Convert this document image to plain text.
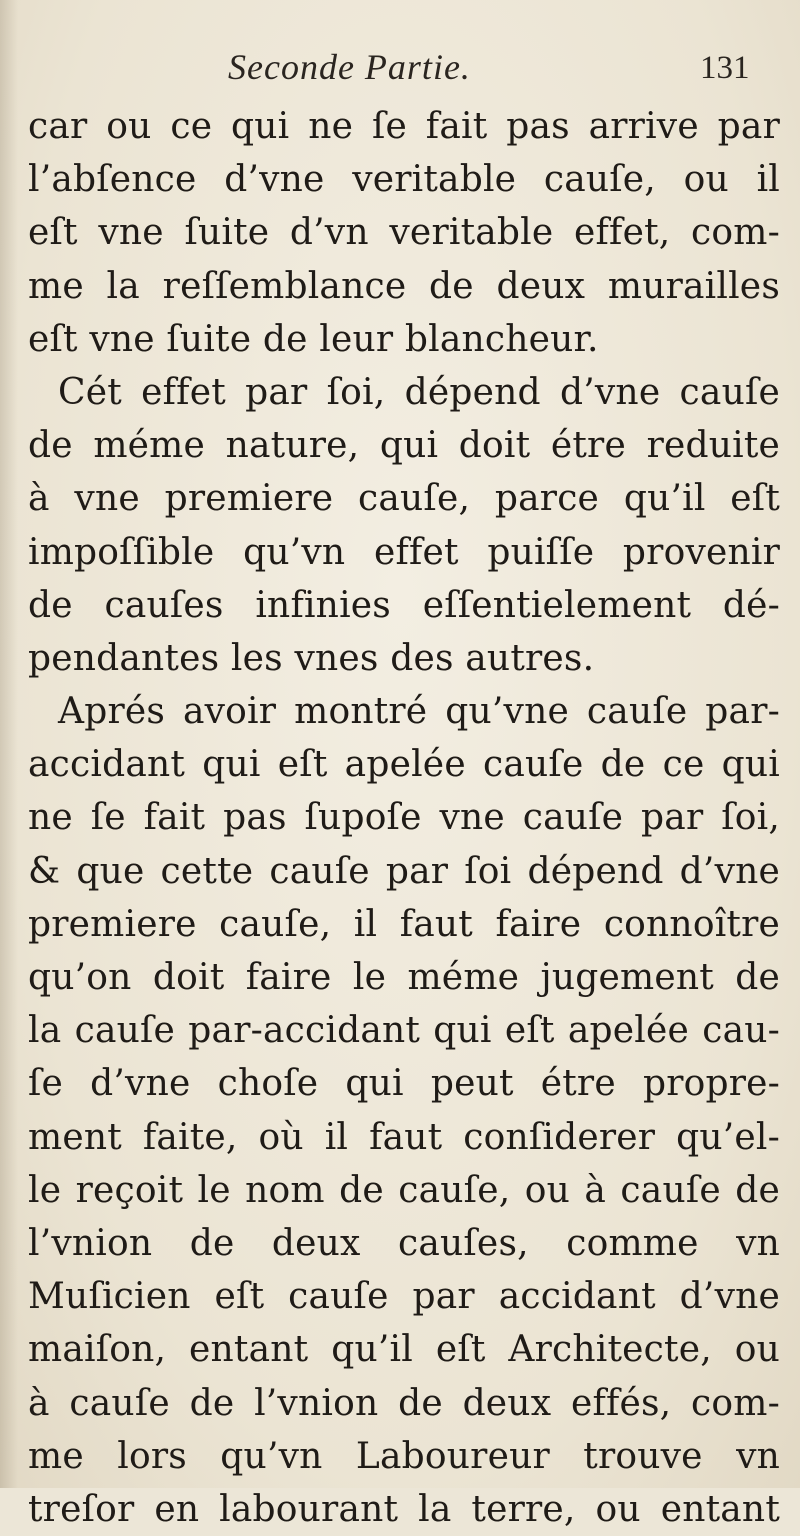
Seconde Partie.	131
car ou ce qui ne ſe fait pas arrive par
l’abſence d’vne veritable cauſe, ou il
eſt vne ſuite d’vn veritable effet, com-
me la reſſemblance de deux murailles
eſt vne ſuite de leur blancheur.
Cét effet par ſoi, dépend d’vne cauſe
de méme nature, qui doit étre reduite
à vne premiere cauſe, parce qu’il eſt
impoſſible qu’vn effet puiſſe provenir
de cauſes infinies eſſentielement dé-
pendantes les vnes des autres.
Aprés avoir montré qu’vne cauſe par-
accidant qui eſt apelée cauſe de ce qui
ne ſe fait pas ſupoſe vne cauſe par ſoi,
& que cette cauſe par ſoi dépend d’vne
premiere cauſe, il faut faire connoître
qu’on doit faire le méme jugement de
la cauſe par-accidant qui eſt apelée cau-
ſe d’vne choſe qui peut étre propre-
ment faite, où il faut conſiderer qu’el-
le reçoit le nom de cauſe, ou à cauſe de
l’vnion de deux cauſes, comme vn
Muſicien eſt cauſe par accidant d’vne
maiſon, entant qu’il eſt Architecte, ou
à cauſe de l’vnion de deux effés, com-
me lors qu’vn Laboureur trouve vn
treſor en labourant la terre, ou entant
